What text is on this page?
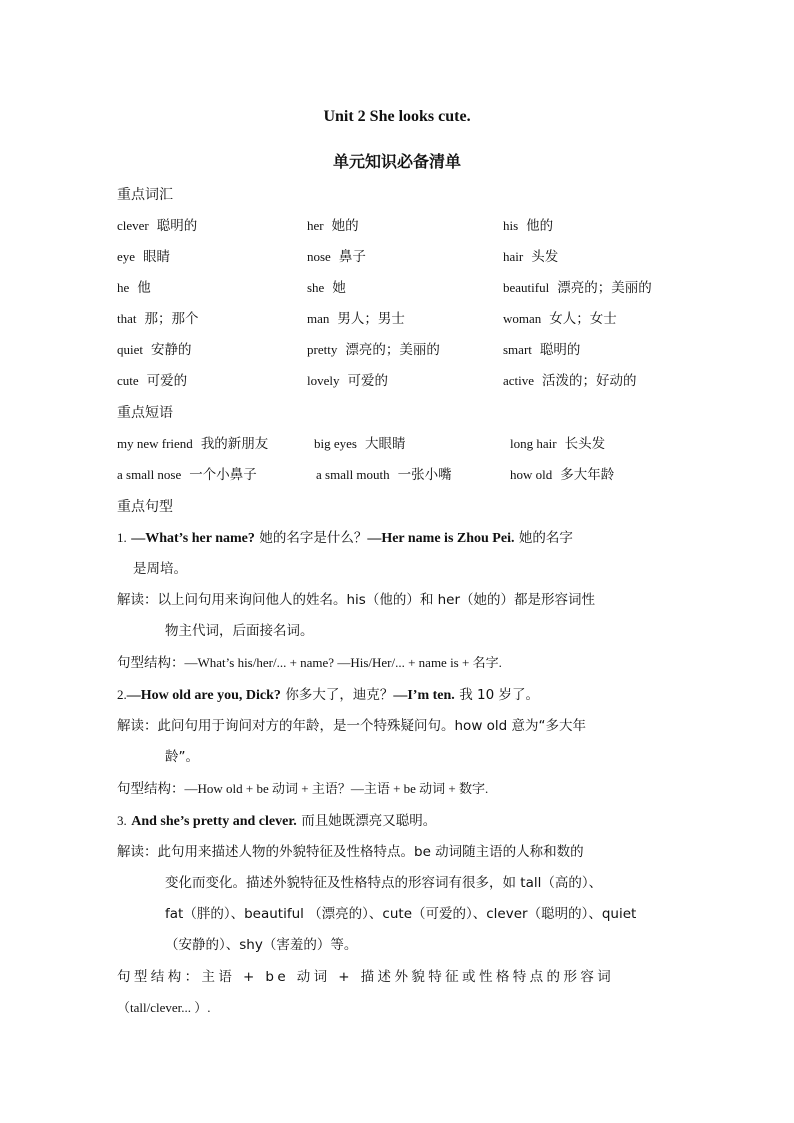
Unit 2 She looks cute.
单元知识必备清单
重点词汇
clever 聪明的	her 她的	his 他的
eye 眼睛	nose 鼻子	hair 头发
he 他	she 她	beautiful 漂亮的；美丽的
that 那；那个	man 男人；男士	woman 女人；女士
quiet 安静的	pretty 漂亮的；美丽的	smart 聪明的
cute 可爱的	lovely 可爱的	active 活泼的；好动的
重点短语
my new friend 我的新朋友	big eyes 大眼睛	long hair 长头发
a small nose 一个小鼻子	a small mouth 一张小嘴	how old 多大年龄
重点句型
1. —What’s her name? 她的名字是什么？—Her name is Zhou Pei. 她的名字
是周培。
解读：以上问句用来询问他人的姓名。his（他的）和 her（她的）都是形容词性
物主代词，后面接名词。
句型结构：—What’s his/her/... + name? —His/Her/... + name is + 名字.
2.—How old are you, Dick? 你多大了，迪克？—I’m ten. 我 10 岁了。
解读：此问句用于询问对方的年龄，是一个特殊疑问句。how old 意为“多大年
龄”。
句型结构：—How old + be 动词 + 主语？—主语 + be 动词 + 数字.
3. And she’s pretty and clever. 而且她既漂亮又聪明。
解读：此句用来描述人物的外貌特征及性格特点。be 动词随主语的人称和数的
变化而变化。描述外貌特征及性格特点的形容词有很多，如 tall（高的）、
fat（胖的）、beautiful （漂亮的）、cute（可爱的）、clever（聪明的）、quiet
（安静的）、shy（害羞的）等。
句型结构：主语 + be 动词 + 描述外貌特征或性格特点的形容词
（tall/clever... ）.
